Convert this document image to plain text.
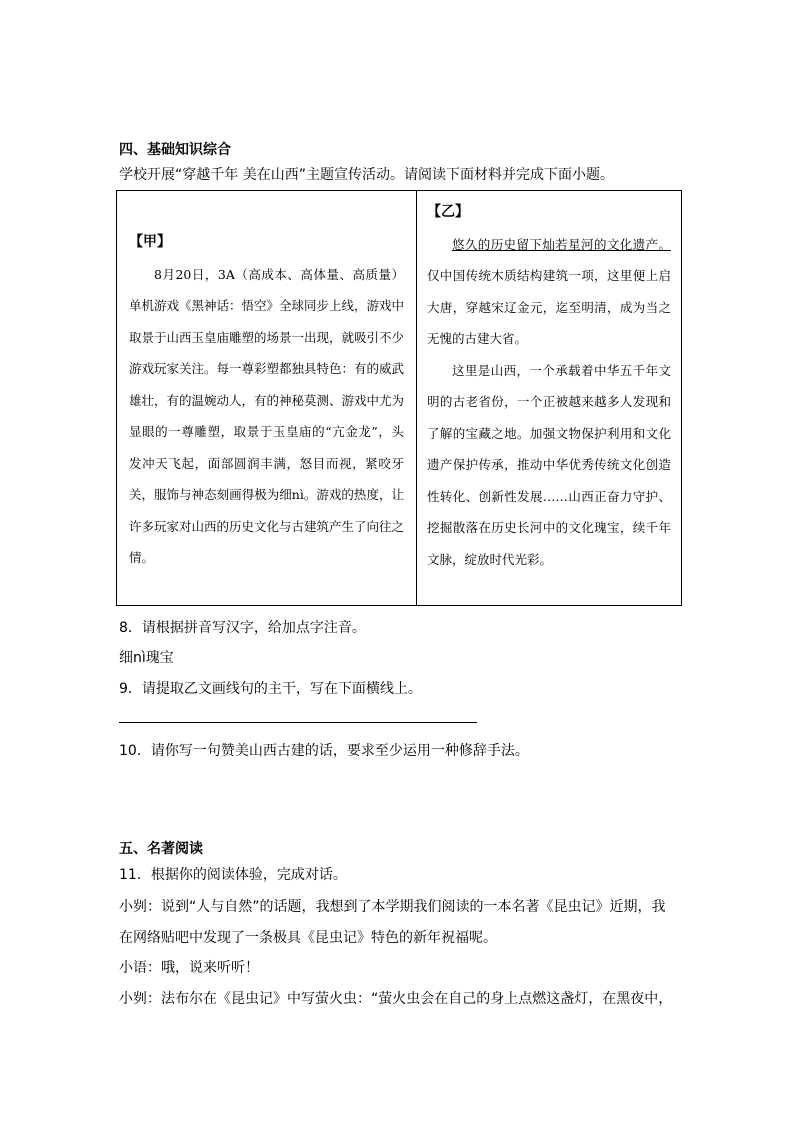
四、基础知识综合
学校开展“穿越千年 美在山西”主题宣传活动。请阅读下面材料并完成下面小题。
【甲】

8月20日，3A（高成本、高体量、高质量）单机游戏《黑神话：悟空》全球同步上线，游戏中取景于山西玉皇庙雕塑的场景一出现，就吸引不少游戏玩家关注。每一尊彩塑都独具特色：有的威武雄壮，有的温婉动人，有的神秘莫测、游戏中尤为显眼的一尊雕塑，取景于玉皇庙的“亢金龙”，头发冲天飞起，面部圆润丰满，怒目而视，紧咬牙关，服饰与神态刻画得极为细nì。游戏的热度，让许多玩家对山西的历史文化与古建筑产生了向往之情。

【乙】

悠久的历史留下灿若星河的文化遗产。仅中国传统木质结构建筑一项，这里便上启大唐，穿越宋辽金元，迄至明清，成为当之无愧的古建大省。

这里是山西，一个承载着中华五千年文明的古老省份，一个正被越来越多人发现和了解的宝藏之地。加强文物保护利用和文化遗产保护传承，推动中华优秀传统文化创造性转化、创新性发展……山西正奋力守护、挖掘散落在历史长河中的文化瑰宝，续千年文脉，绽放时代光彩。

8．请根据拼音写汉字，给加点字注音。
细nì瑰宝
9．请提取乙文画线句的主干，写在下面横线上。
10．请你写一句赞美山西古建的话，要求至少运用一种修辞手法。
五、名著阅读
11．根据你的阅读体验，完成对话。
小刿：说到“人与自然”的话题，我想到了本学期我们阅读的一本名著《昆虫记》近期，我
在网络贴吧中发现了一条极具《昆虫记》特色的新年祝福呢。
小语：哦，说来听听！
小刿：法布尔在《昆虫记》中写萤火虫：“萤火虫会在自己的身上点燃这盏灯，在黑夜中，
